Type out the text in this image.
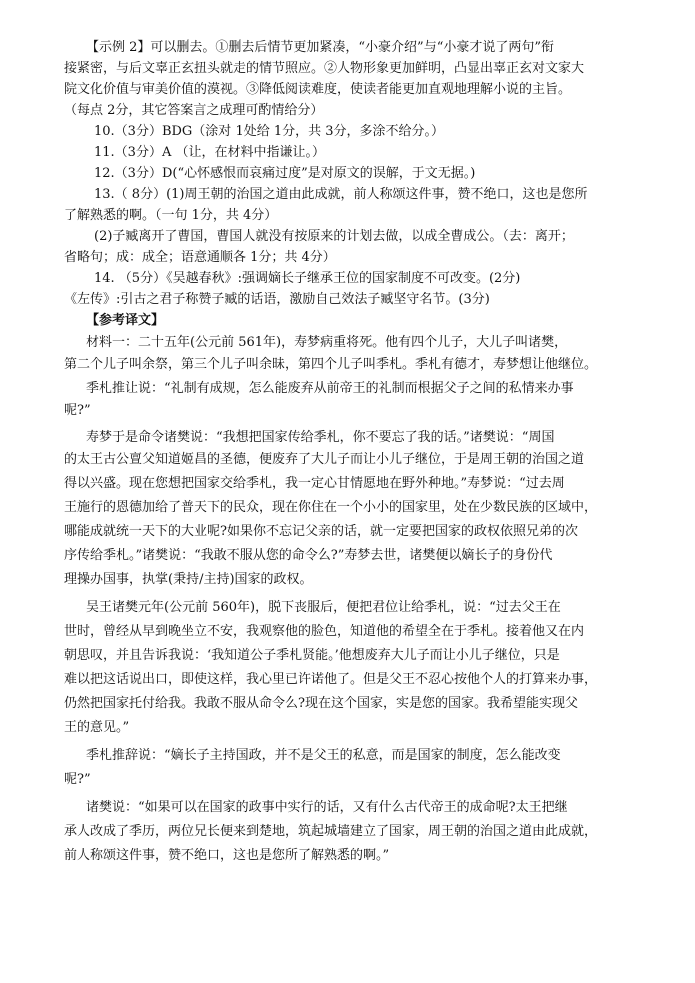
【示例 2】可以删去。①删去后情节更加紧凑，“小豪介绍”与“小豪才说了两句”衔
接紧密，与后文辜正玄扭头就走的情节照应。②人物形象更加鲜明，凸显出辜正玄对文家大
院文化价值与审美价值的漠视。③降低阅读难度，使读者能更加直观地理解小说的主旨。
（每点 2分，其它答案言之成理可酌情给分）
10.（3分）BDG（涂对 1处给 1分，共 3分，多涂不给分。）
11.（3分）A （让，在材料中指谦让。）
12.（3分）D(“心怀感恨而哀痛过度”是对原文的误解，于文无据。)
13.（ 8分）(1)周王朝的治国之道由此成就，前人称颂这件事，赞不绝口，这也是您所
了解熟悉的啊。（一句 1分，共 4分）
(2)子臧离开了曹国，曹国人就没有按原来的计划去做，以成全曹成公。（去：离开；
省略句；成：成全；语意通顺各 1分；共 4分）
14. （5分）《吴越春秋》:强调嫡长子继承王位的国家制度不可改变。(2分)
《左传》:引古之君子称赞子臧的话语，激励自己效法子臧坚守名节。(3分)
【参考译文】
材料一：二十五年(公元前 561年)，寿梦病重将死。他有四个儿子，大儿子叫诸樊，
第二个儿子叫余祭，第三个儿子叫余昧，第四个儿子叫季札。季札有德才，寿梦想让他继位。
季札推让说：“礼制有成规，怎么能废弃从前帝王的礼制而根据父子之间的私情来办事
呢?”
寿梦于是命令诸樊说：“我想把国家传给季札，你不要忘了我的话。”诸樊说：“周国
的太王古公亶父知道姬昌的圣德，便废弃了大儿子而让小儿子继位，于是周王朝的治国之道
得以兴盛。现在您想把国家交给季札，我一定心甘情愿地在野外种地。”寿梦说：“过去周
王施行的恩德加给了普天下的民众，现在你住在一个小小的国家里，处在少数民族的区域中，
哪能成就统一天下的大业呢?如果你不忘记父亲的话，就一定要把国家的政权依照兄弟的次
序传给季札。”诸樊说：“我敢不服从您的命令么?”寿梦去世，诸樊便以嫡长子的身份代
理操办国事，执掌(秉持/主持)国家的政权。
吴王诸樊元年(公元前 560年)，脱下丧服后，便把君位让给季札，说：“过去父王在
世时，曾经从早到晚坐立不安，我观察他的脸色，知道他的希望全在于季札。接着他又在内
朝思叹，并且告诉我说：‘我知道公子季札贤能。’他想废弃大儿子而让小儿子继位，只是
难以把这话说出口，即使这样，我心里已许诺他了。但是父王不忍心按他个人的打算来办事，
仍然把国家托付给我。我敢不服从命令么?现在这个国家，实是您的国家。我希望能实现父
王的意见。”
季札推辞说：“嫡长子主持国政，并不是父王的私意，而是国家的制度，怎么能改变
呢?”
诸樊说：“如果可以在国家的政事中实行的话，又有什么古代帝王的成命呢?太王把继
承人改成了季历，两位兄长便来到楚地，筑起城墙建立了国家，周王朝的治国之道由此成就，
前人称颂这件事，赞不绝口，这也是您所了解熟悉的啊。”
